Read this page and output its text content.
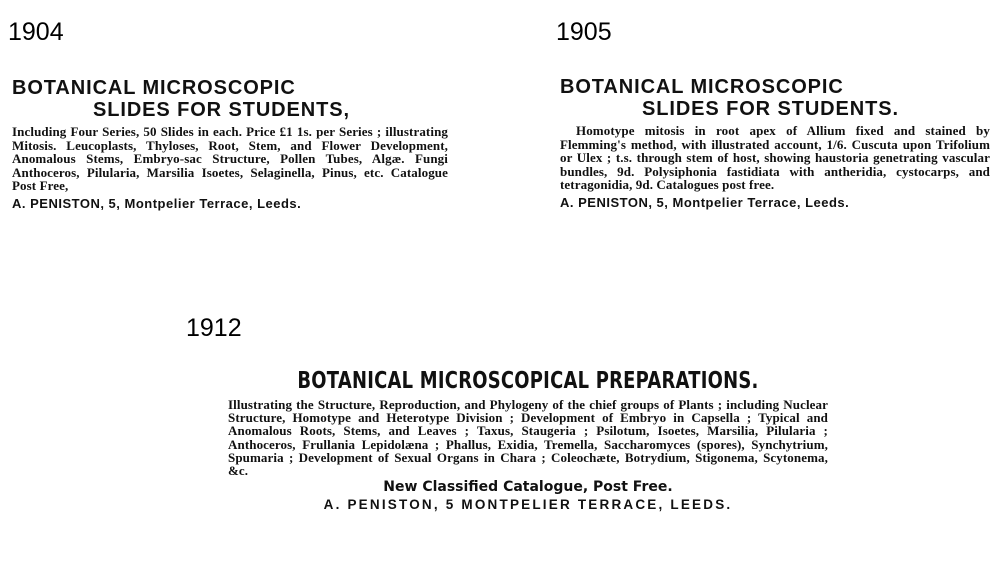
1904

BOTANICAL MICROSCOPIC

SLIDES FOR STUDENTS,

Including Four Series, 50 Slides in each. Price £1 1s. per Series ; illustrating Mitosis. Leucoplasts, Thyloses, Root, Stem, and Flower Development, Anomalous Stems, Embryo-sac Structure, Pollen Tubes, Algæ. Fungi Anthoceros, Pilularia, Marsilia Isoetes, Selaginella, Pinus, etc. Catalogue Post Free,

A. PENISTON, 5, Montpelier Terrace, Leeds.

1905

BOTANICAL MICROSCOPIC

SLIDES FOR STUDENTS.

Homotype mitosis in root apex of Allium fixed and stained by Flemming's method, with illustrated account, 1/6. Cuscuta upon Trifolium or Ulex ; t.s. through stem of host, showing haustoria genetrating vascular bundles, 9d. Polysiphonia fastidiata with antheridia, cystocarps, and tetragonidia, 9d. Catalogues post free.

A. PENISTON, 5, Montpelier Terrace, Leeds.

1912

BOTANICAL MICROSCOPICAL PREPARATIONS.

Illustrating the Structure, Reproduction, and Phylogeny of the chief groups of Plants ; including Nuclear Structure, Homotype and Heterotype Division ; Development of Embryo in Capsella ; Typical and Anomalous Roots, Stems, and Leaves ; Taxus, Staugeria ; Psilotum, Isoetes, Marsilia, Pilularia ; Anthoceros, Frullania Lepidolæna ; Phallus, Exidia, Tremella, Saccharomyces (spores), Synchytrium, Spumaria ; Development of Sexual Organs in Chara ; Coleochæte, Botrydium, Stigonema, Scytonema, &c.

New Classified Catalogue, Post Free.

A. PENISTON, 5 MONTPELIER TERRACE, LEEDS.
